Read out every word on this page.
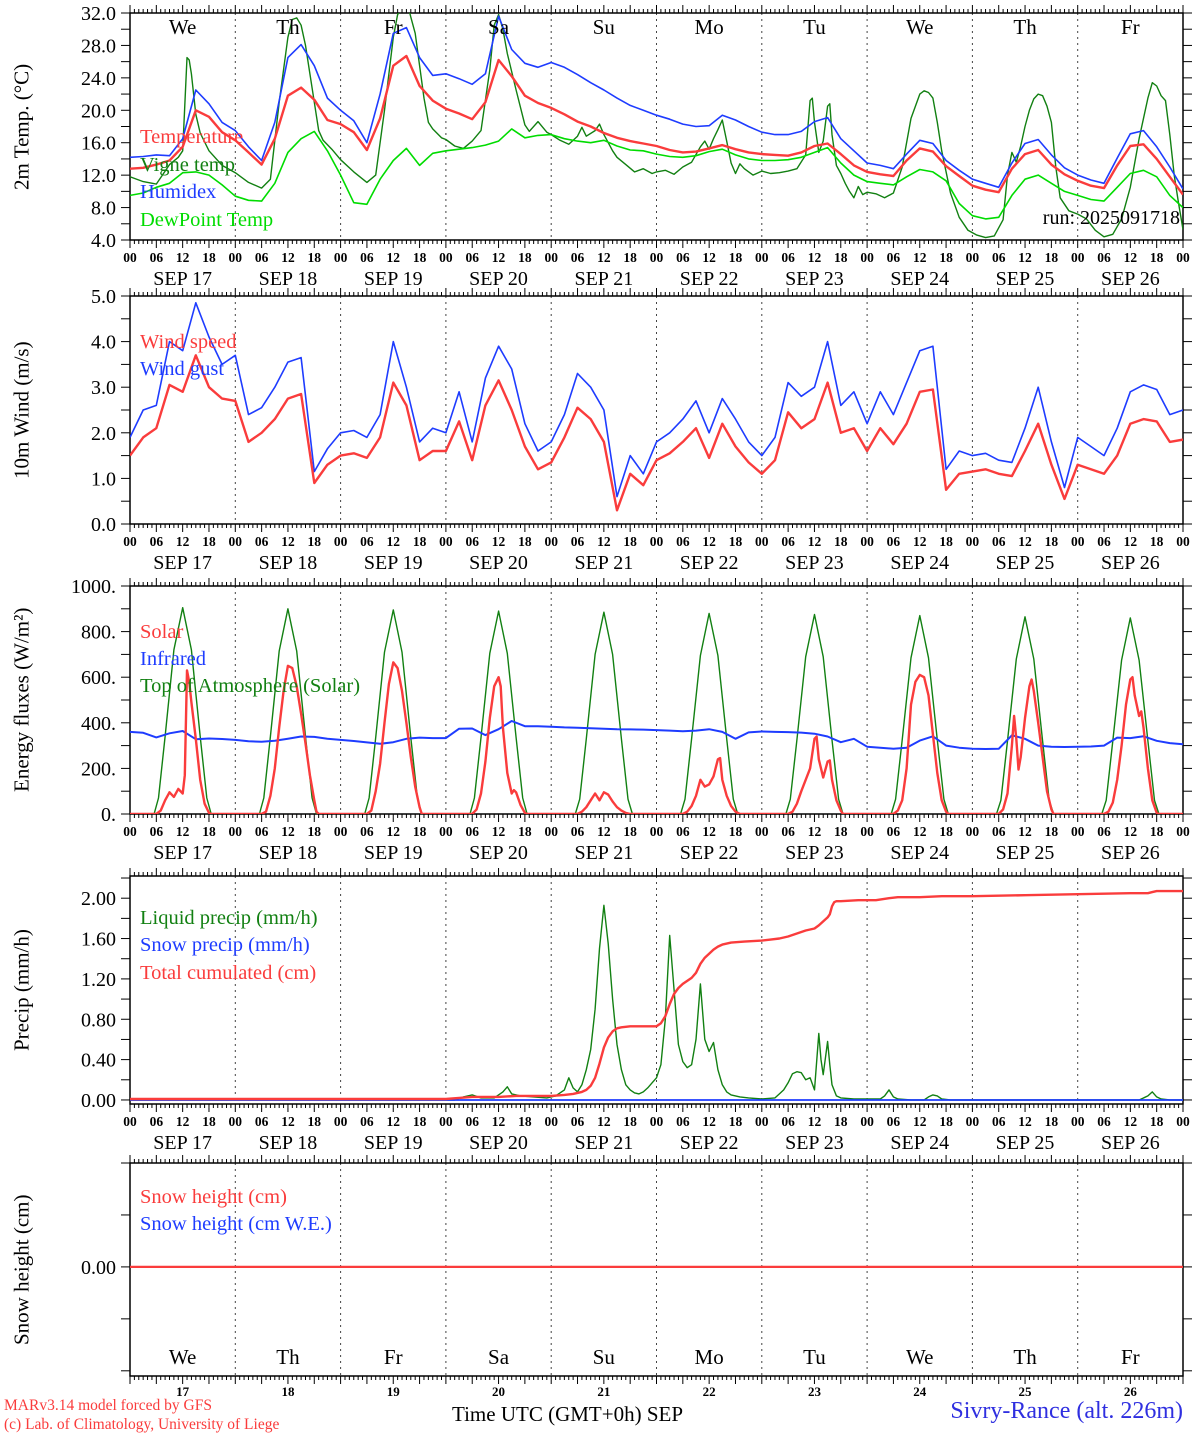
32.0
28.0
24.0
20.0
16.0
12.0
8.0
4.0
00 06 12 18 00 06 12 18 00 06 12 18 00 06 12 18 00 06 12 18 00 06 12 18 00 06 12 18 00 06 12 18 00 06 12 18 00 06 12 18 00
SEP 17 SEP 18 SEP 19 SEP 20 SEP 21 SEP 22 SEP 23 SEP 24 SEP 25 SEP 26
We	Th	Fr	Sa	Su	Mo	Tu	We	Th	Fr
5.0
4.0
3.0
2.0
1.0
0.0
00 06 12 18 00 06 12 18 00 06 12 18 00 06 12 18 00 06 12 18 00 06 12 18 00 06 12 18 00 06 12 18 00 06 12 18 00 06 12 18 00
SEP 17 SEP 18 SEP 19 SEP 20 SEP 21 SEP 22 SEP 23 SEP 24 SEP 25 SEP 26
1000.
800.
600.
400.
200.
0.
00 06 12 18 00 06 12 18 00 06 12 18 00 06 12 18 00 06 12 18 00 06 12 18 00 06 12 18 00 06 12 18 00 06 12 18 00 06 12 18 00
SEP 17 SEP 18 SEP 19 SEP 20 SEP 21 SEP 22 SEP 23 SEP 24 SEP 25 SEP 26
2.00
1.60
1.20
0.80
0.40
0.00
00 06 12 18 00 06 12 18 00 06 12 18 00 06 12 18 00 06 12 18 00 06 12 18 00 06 12 18 00 06 12 18 00 06 12 18 00 06 12 18 00
SEP 17 SEP 18 SEP 19 SEP 20 SEP 21 SEP 22 SEP 23 SEP 24 SEP 25 SEP 26
0.00
We	Th	Fr	Sa	Su	Mo	Tu	We	Th	Fr
17	18	19	20	21	22	23	24	25	26
2m Temp. (°C)
10m Wind (m/s)
Energy fluxes (W/m²)
Precip (mm/h)
Snow height (cm)
Temperature
Vigne temp
Humidex
DewPoint Temp
Wind speed
Wind gust
Solar
Infrared
Top of Atmosphere (Solar)
Liquid precip (mm/h)
Snow precip (mm/h)
Total cumulated (cm)
Snow height (cm)
Snow height (cm W.E.)
run: 2025091718
MARv3.14 model forced by GFS
(c) Lab. of Climatology, University of Liege	Time UTC (GMT+0h) SEP	Sivry-Rance (alt. 226m)
